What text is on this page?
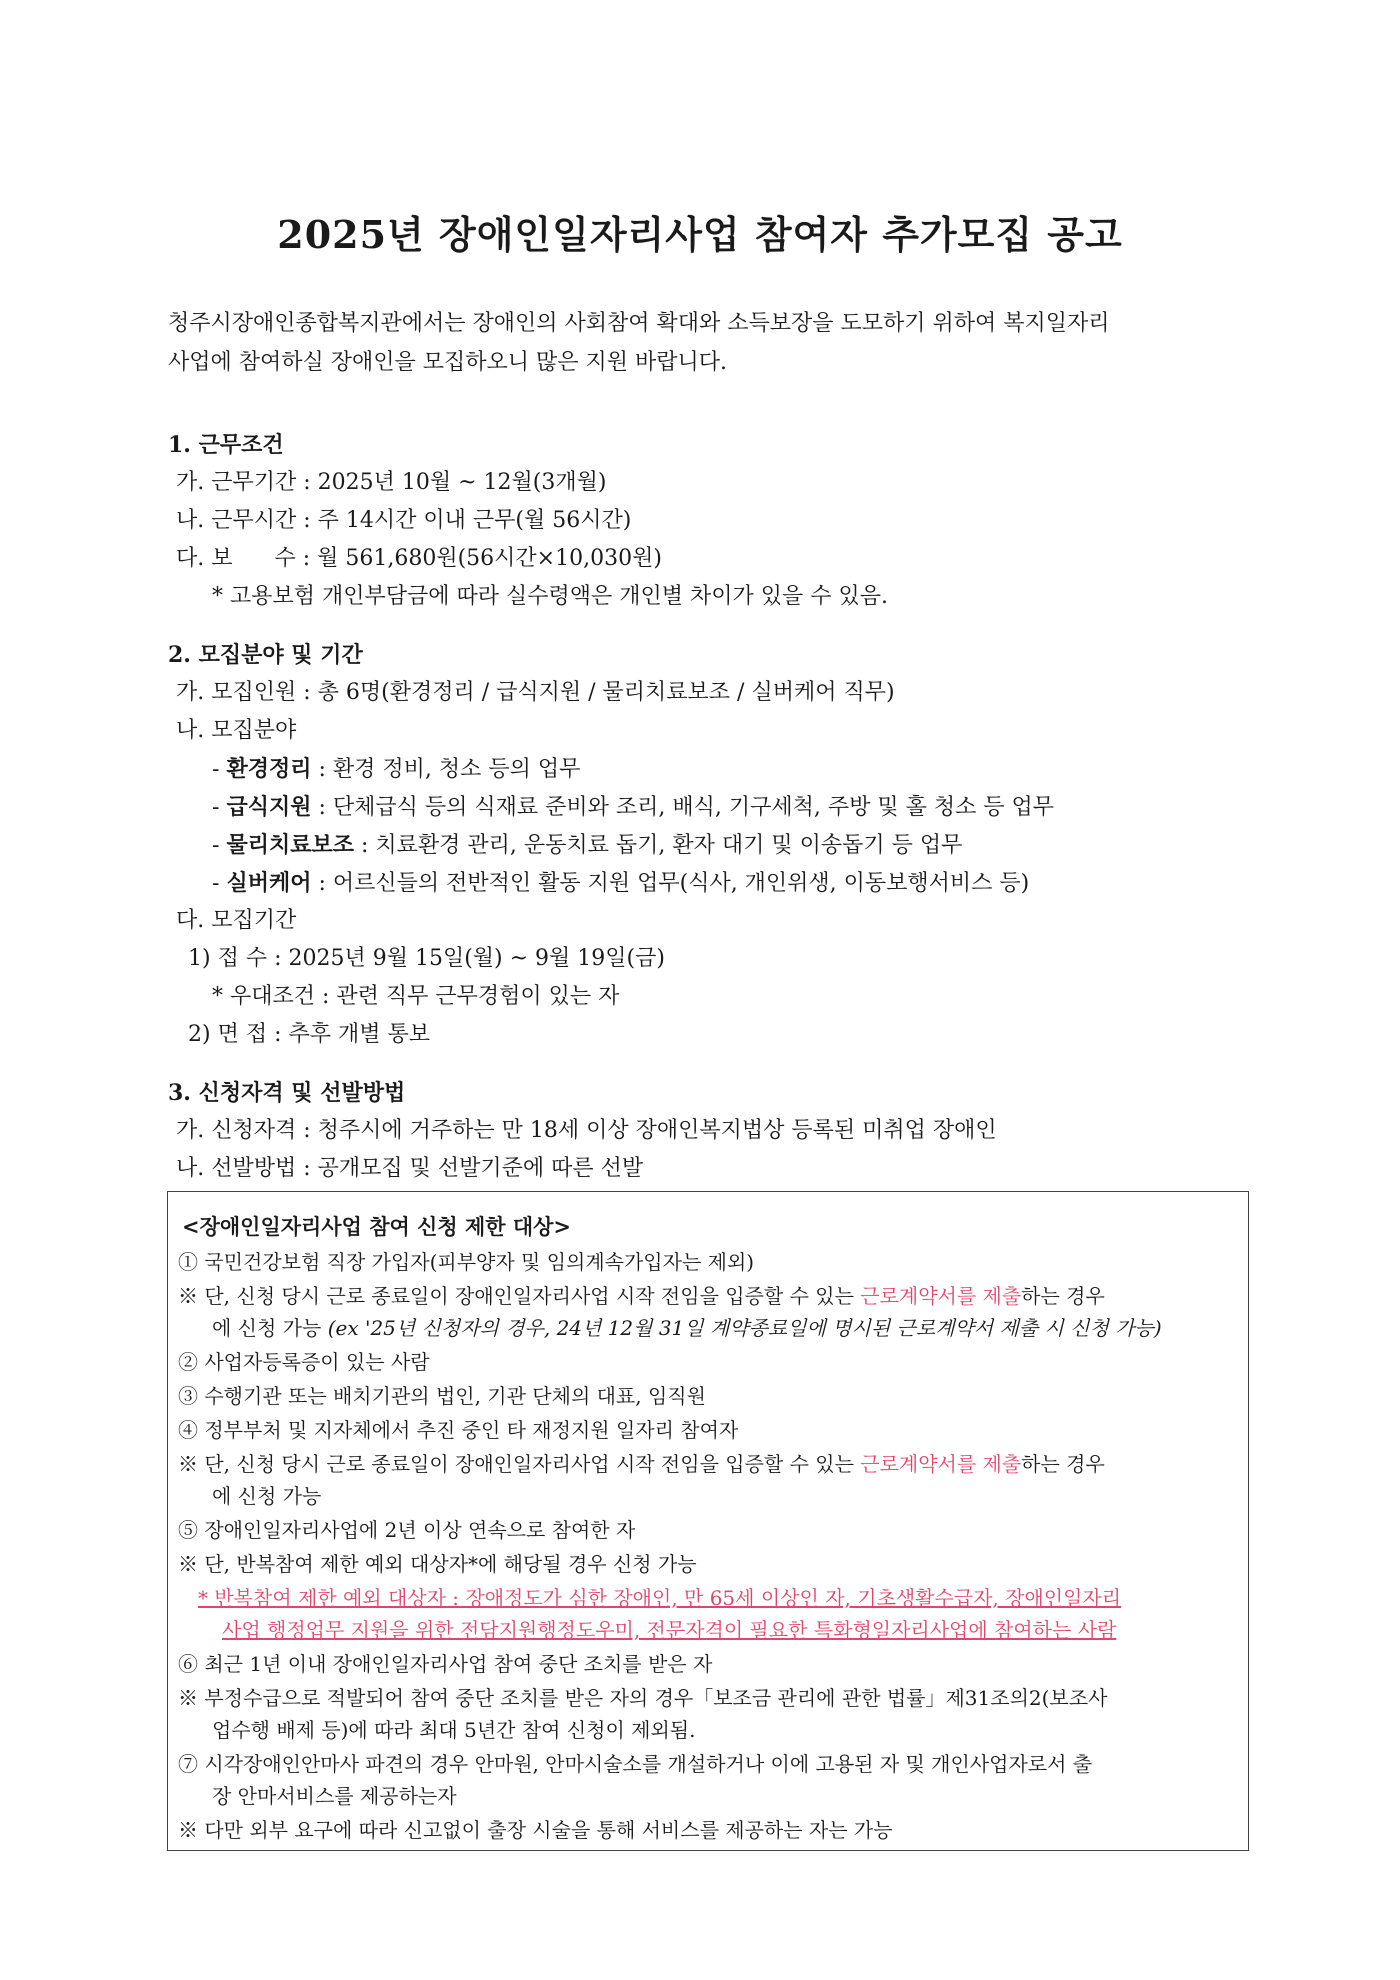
2025년 장애인일자리사업 참여자 추가모집 공고
청주시장애인종합복지관에서는 장애인의 사회참여 확대와 소득보장을 도모하기 위하여 복지일자리
사업에 참여하실 장애인을 모집하오니 많은 지원 바랍니다.
1. 근무조건
가. 근무기간 : 2025년 10월 ~ 12월(3개월)
나. 근무시간 : 주 14시간 이내 근무(월 56시간)
다. 보      수 : 월 561,680원(56시간×10,030원)
* 고용보험 개인부담금에 따라 실수령액은 개인별 차이가 있을 수 있음.
2. 모집분야 및 기간
가. 모집인원 : 총 6명(환경정리 / 급식지원 / 물리치료보조 / 실버케어 직무)
나. 모집분야
- 환경정리 : 환경 정비, 청소 등의 업무
- 급식지원 : 단체급식 등의 식재료 준비와 조리, 배식, 기구세척, 주방 및 홀 청소 등 업무
- 물리치료보조 : 치료환경 관리, 운동치료 돕기, 환자 대기 및 이송돕기 등 업무
- 실버케어 : 어르신들의 전반적인 활동 지원 업무(식사, 개인위생, 이동보행서비스 등)
다. 모집기간
1) 접 수 : 2025년 9월 15일(월) ~ 9월 19일(금)
* 우대조건 : 관련 직무 근무경험이 있는 자
2) 면 접 : 추후 개별 통보
3. 신청자격 및 선발방법
가. 신청자격 : 청주시에 거주하는 만 18세 이상 장애인복지법상 등록된 미취업 장애인
나. 선발방법 : 공개모집 및 선발기준에 따른 선발
<장애인일자리사업 참여 신청 제한 대상>
① 국민건강보험 직장 가입자(피부양자 및 임의계속가입자는 제외)
※ 단, 신청 당시 근로 종료일이 장애인일자리사업 시작 전임을 입증할 수 있는 근로계약서를 제출하는 경우
에 신청 가능 (ex '25년 신청자의 경우, 24년 12월 31일 계약종료일에 명시된 근로계약서 제출 시 신청 가능)
② 사업자등록증이 있는 사람
③ 수행기관 또는 배치기관의 법인, 기관 단체의 대표, 임직원
④ 정부부처 및 지자체에서 추진 중인 타 재정지원 일자리 참여자
※ 단, 신청 당시 근로 종료일이 장애인일자리사업 시작 전임을 입증할 수 있는 근로계약서를 제출하는 경우
에 신청 가능
⑤ 장애인일자리사업에 2년 이상 연속으로 참여한 자
※ 단, 반복참여 제한 예외 대상자*에 해당될 경우 신청 가능
* 반복참여 제한 예외 대상자 : 장애정도가 심한 장애인, 만 65세 이상인 자, 기초생활수급자, 장애인일자리
사업 행정업무 지원을 위한 전담지원행정도우미, 전문자격이 필요한 특화형일자리사업에 참여하는 사람
⑥ 최근 1년 이내 장애인일자리사업 참여 중단 조치를 받은 자
※ 부정수급으로 적발되어 참여 중단 조치를 받은 자의 경우「보조금 관리에 관한 법률」제31조의2(보조사
업수행 배제 등)에 따라 최대 5년간 참여 신청이 제외됨.
⑦ 시각장애인안마사 파견의 경우 안마원, 안마시술소를 개설하거나 이에 고용된 자 및 개인사업자로서 출
장 안마서비스를 제공하는자
※ 다만 외부 요구에 따라 신고없이 출장 시술을 통해 서비스를 제공하는 자는 가능
